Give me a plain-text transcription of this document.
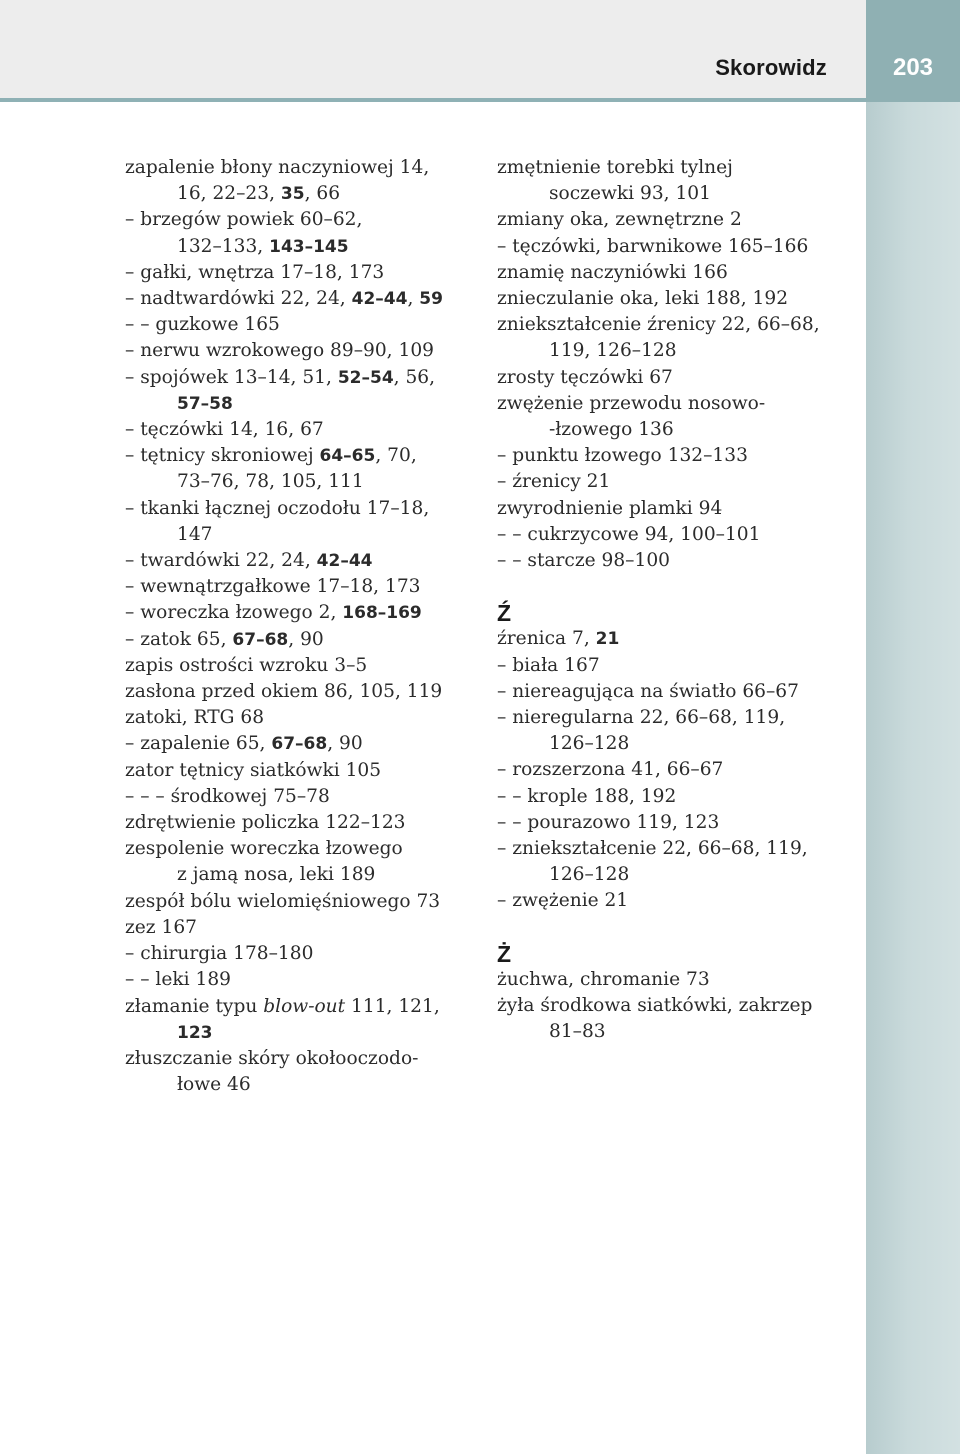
Skorowidz	203
zapalenie błony naczyniowej 14,
16, 22–23, 35, 66
– brzegów powiek 60–62,
132–133, 143–145
– gałki, wnętrza 17–18, 173
– nadtwardówki 22, 24, 42–44, 59
– – guzkowe 165
– nerwu wzrokowego 89–90, 109
– spojówek 13–14, 51, 52–54, 56,
57–58
– tęczówki 14, 16, 67
– tętnicy skroniowej 64–65, 70,
73–76, 78, 105, 111
– tkanki łącznej oczodołu 17–18,
147
– twardówki 22, 24, 42–44
– wewnątrzgałkowe 17–18, 173
– woreczka łzowego 2, 168–169
– zatok 65, 67–68, 90
zapis ostrości wzroku 3–5
zasłona przed okiem 86, 105, 119
zatoki, RTG 68
– zapalenie 65, 67–68, 90
zator tętnicy siatkówki 105
– – – środkowej 75–78
zdrętwienie policzka 122–123
zespolenie woreczka łzowego
z jamą nosa, leki 189
zespół bólu wielomięśniowego 73
zez 167
– chirurgia 178–180
– – leki 189
złamanie typu blow-out 111, 121,
123
złuszczanie skóry okołooczodo-
łowe 46
zmętnienie torebki tylnej
soczewki 93, 101
zmiany oka, zewnętrzne 2
– tęczówki, barwnikowe 165–166
znamię naczyniówki 166
znieczulanie oka, leki 188, 192
zniekształcenie źrenicy 22, 66–68,
119, 126–128
zrosty tęczówki 67
zwężenie przewodu nosowo-
-łzowego 136
– punktu łzowego 132–133
– źrenicy 21
zwyrodnienie plamki 94
– – cukrzycowe 94, 100–101
– – starcze 98–100
Ź
źrenica 7, 21
– biała 167
– niereagująca na światło 66–67
– nieregularna 22, 66–68, 119,
126–128
– rozszerzona 41, 66–67
– – krople 188, 192
– – pourazowo 119, 123
– zniekształcenie 22, 66–68, 119,
126–128
– zwężenie 21
Ż
żuchwa, chromanie 73
żyła środkowa siatkówki, zakrzep
81–83
